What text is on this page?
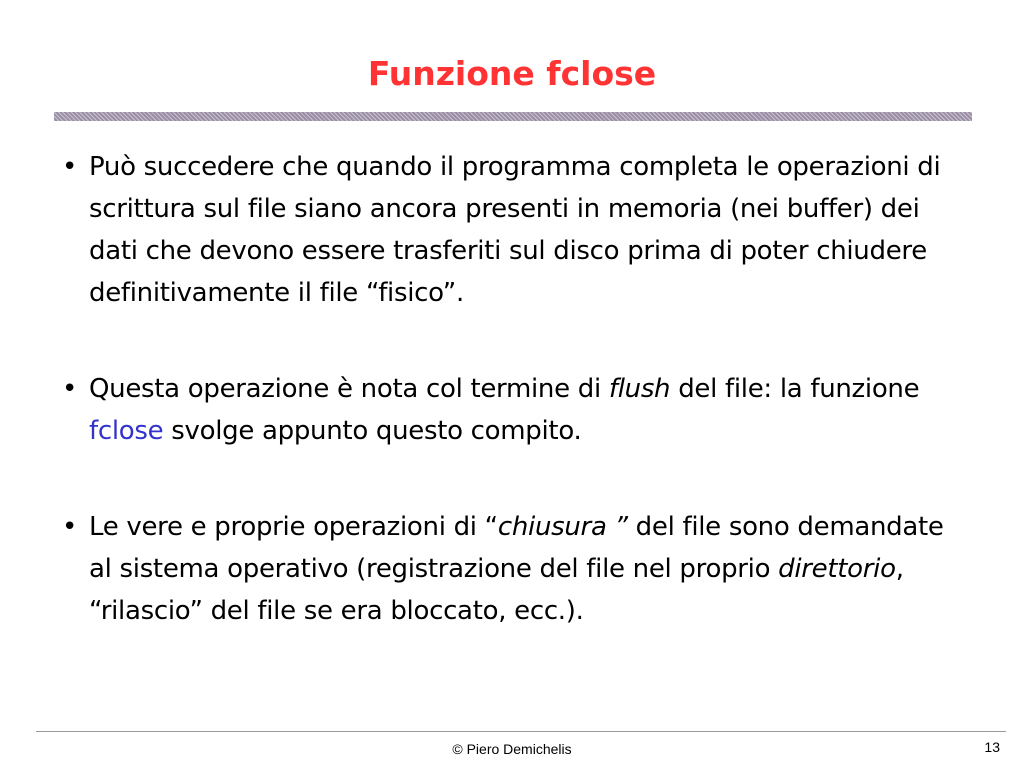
Funzione fclose
• Può succedere che quando il programma completa le operazioni di scrittura sul file siano ancora presenti in memoria (nei buffer) dei dati che devono essere trasferiti sul disco prima di poter chiudere definitivamente il file “fisico”.
• Questa operazione è nota col termine di flush del file: la funzione fclose svolge appunto questo compito.
• Le vere e proprie operazioni di “chiusura ” del file sono demandate al sistema operativo (registrazione del file nel proprio direttorio, “rilascio” del file se era bloccato, ecc.).
© Piero Demichelis	13
